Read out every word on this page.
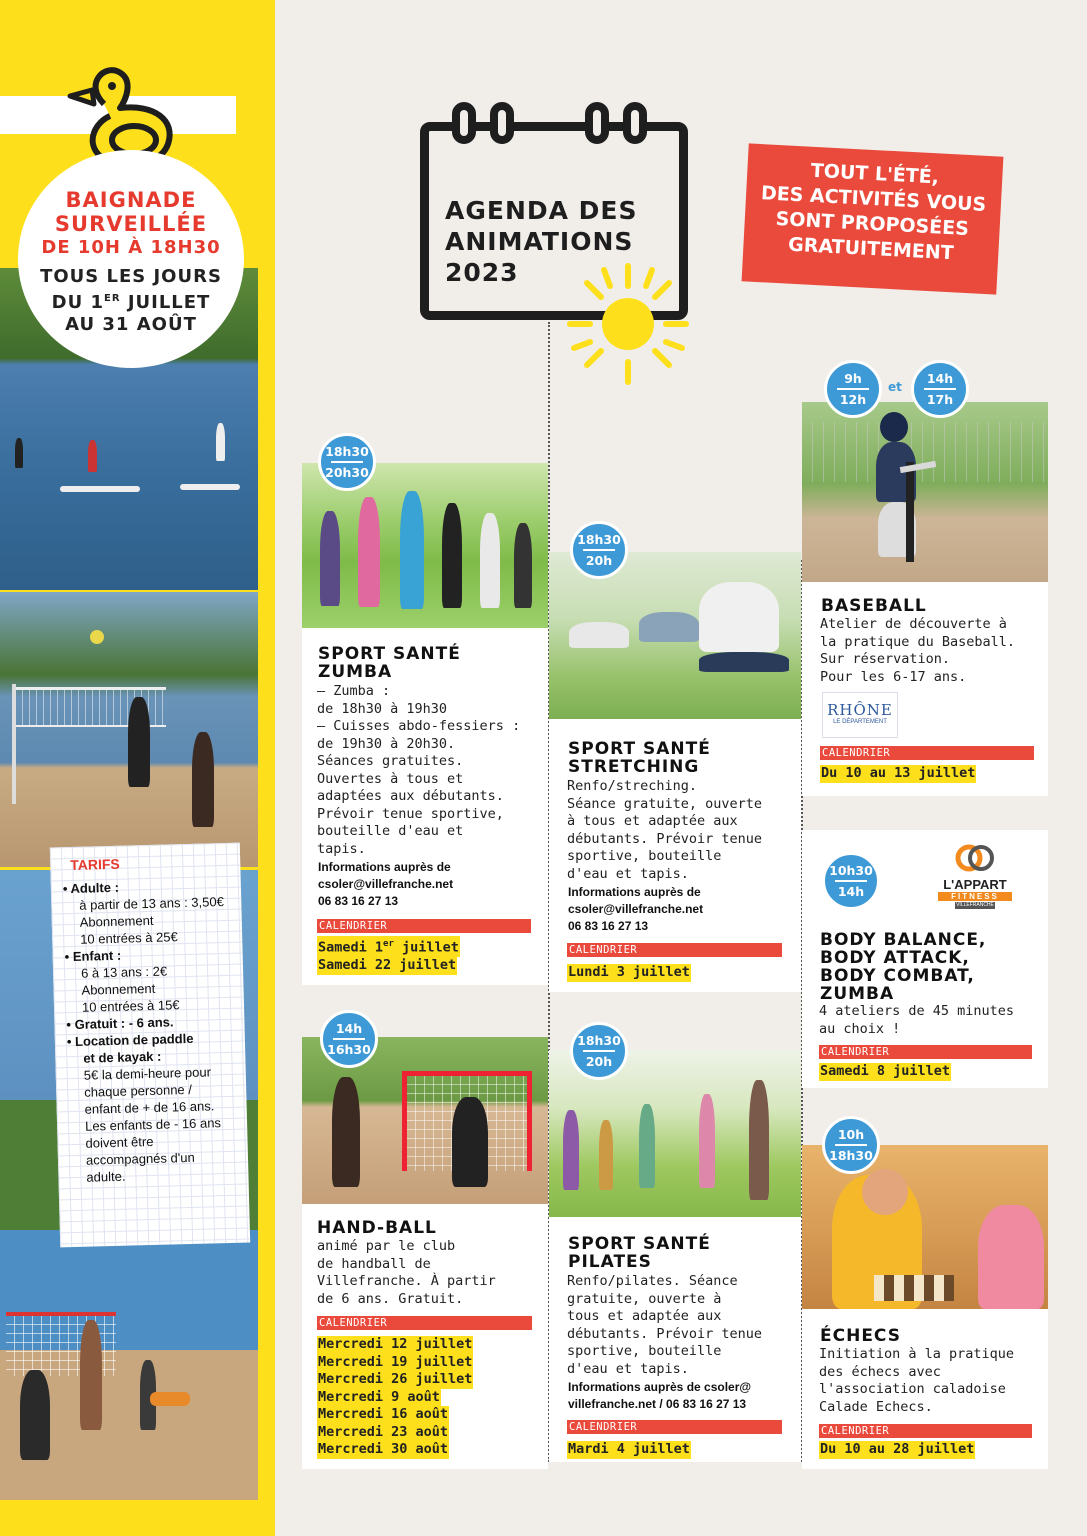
BAIGNADE
SURVEILLÉE
DE 10H À 18H30
TOUS LES JOURS
DU 1ER JUILLET
AU 31 AOÛT
TARIFS
• Adulte :
à partir de 13 ans : 3,50€
Abonnement
10 entrées à 25€
• Enfant :
6 à 13 ans : 2€
Abonnement
10 entrées à 15€
• Gratuit : - 6 ans.
• Location de paddle
et de kayak :
5€ la demi-heure pour
chaque personne /
enfant de + de 16 ans.
Les enfants de - 16 ans
doivent être
accompagnés d'un adulte.
AGENDA DES
ANIMATIONS
2023
TOUT L'ÉTÉ,
DES ACTIVITÉS VOUS
SONT PROPOSÉES
GRATUITEMENT
18h30
20h30
SPORT SANTÉ
ZUMBA
– Zumba :
de 18h30 à 19h30
– Cuisses abdo-fessiers :
de 19h30 à 20h30.
Séances gratuites.
Ouvertes à tous et
adaptées aux débutants.
Prévoir tenue sportive,
bouteille d'eau et
tapis.
Informations auprès de
csoler@villefranche.net
06 83 16 27 13
CALENDRIER
Samedi 1er juillet
Samedi 22 juillet
18h30
20h
SPORT SANTÉ
STRETCHING
Renfo/streching.
Séance gratuite, ouverte
à tous et adaptée aux
débutants. Prévoir tenue
sportive, bouteille
d'eau et tapis.
Informations auprès de
csoler@villefranche.net
06 83 16 27 13
CALENDRIER
Lundi 3 juillet
9h
12h
et
14h
17h
BASEBALL
Atelier de découverte à
la pratique du Baseball.
Sur réservation.
Pour les 6-17 ans.
RHÔNE
LE DÉPARTEMENT
CALENDRIER
Du 10 au 13 juillet
10h30
14h	L'APPART
FITNESS
VILLEFRANCHE
BODY BALANCE,
BODY ATTACK,
BODY COMBAT,
ZUMBA
4 ateliers de 45 minutes
au choix !
CALENDRIER
Samedi 8 juillet
14h
16h30
HAND-BALL
animé par le club
de handball de
Villefranche. À partir
de 6 ans. Gratuit.
CALENDRIER
Mercredi 12 juillet
Mercredi 19 juillet
Mercredi 26 juillet
Mercredi 9 août
Mercredi 16 août
Mercredi 23 août
Mercredi 30 août
18h30
20h
SPORT SANTÉ
PILATES
Renfo/pilates. Séance
gratuite, ouverte à
tous et adaptée aux
débutants. Prévoir tenue
sportive, bouteille
d'eau et tapis.
Informations auprès de csoler@
villefranche.net / 06 83 16 27 13
CALENDRIER
Mardi 4 juillet
10h
18h30
ÉCHECS
Initiation à la pratique
des échecs avec
l'association caladoise
Calade Echecs.
CALENDRIER
Du 10 au 28 juillet
